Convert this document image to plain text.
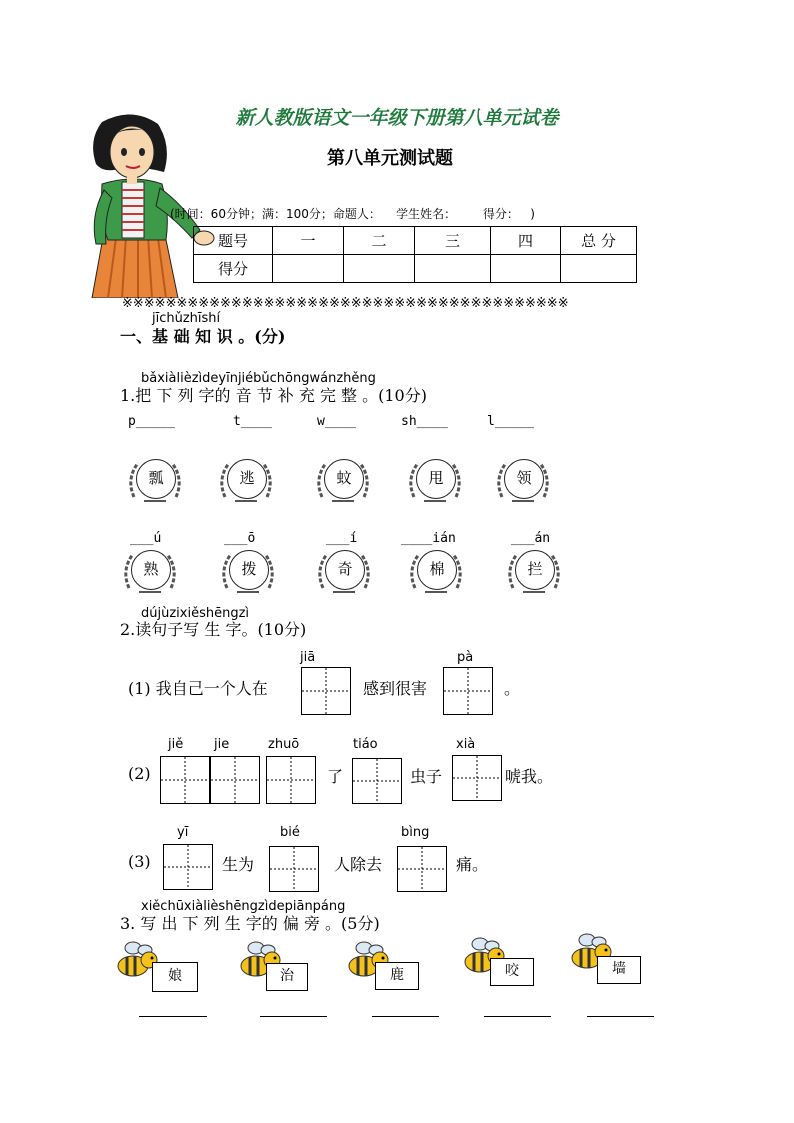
新人教版语文一年级下册第八单元试卷
第八单元测试题
(时间：60分钟；满：100分；命题人：    学生姓名：       得分：   )
题号	一	二	三	四	总 分
得分					
※※※※※※※※※※※※※※※※※※※※※※※※※※※※※※※※※※※※※※※※※
jīchǔzhīshí
一、基 础 知 识 。(分)
bǎxiàlièzìdeyīnjiébǔchōngwánzhěng
1.把 下 列 字的 音 节 补 充 完 整 。(10分)
p_____	t____	w____	sh____	l_____
瓢	逃	蚊	甩	领
___ú	___ō	___í	____ián	___án
熟	拨	奇	棉	拦
dújùzixiěshēngzì
2.读句子写 生 字。(10分)
jiā	pà
(1) 我自己一个人在	感到很害	。
jiě jie	zhuō	tiáo	xià
(2)	了	虫子	唬我。
yī	bié	bìng
(3)	生为	人除去	痛。
xiěchūxiàlièshēngzìdepiānpáng
3. 写 出 下 列 生 字的 偏 旁 。(5分)
娘	治	鹿	咬	墙
